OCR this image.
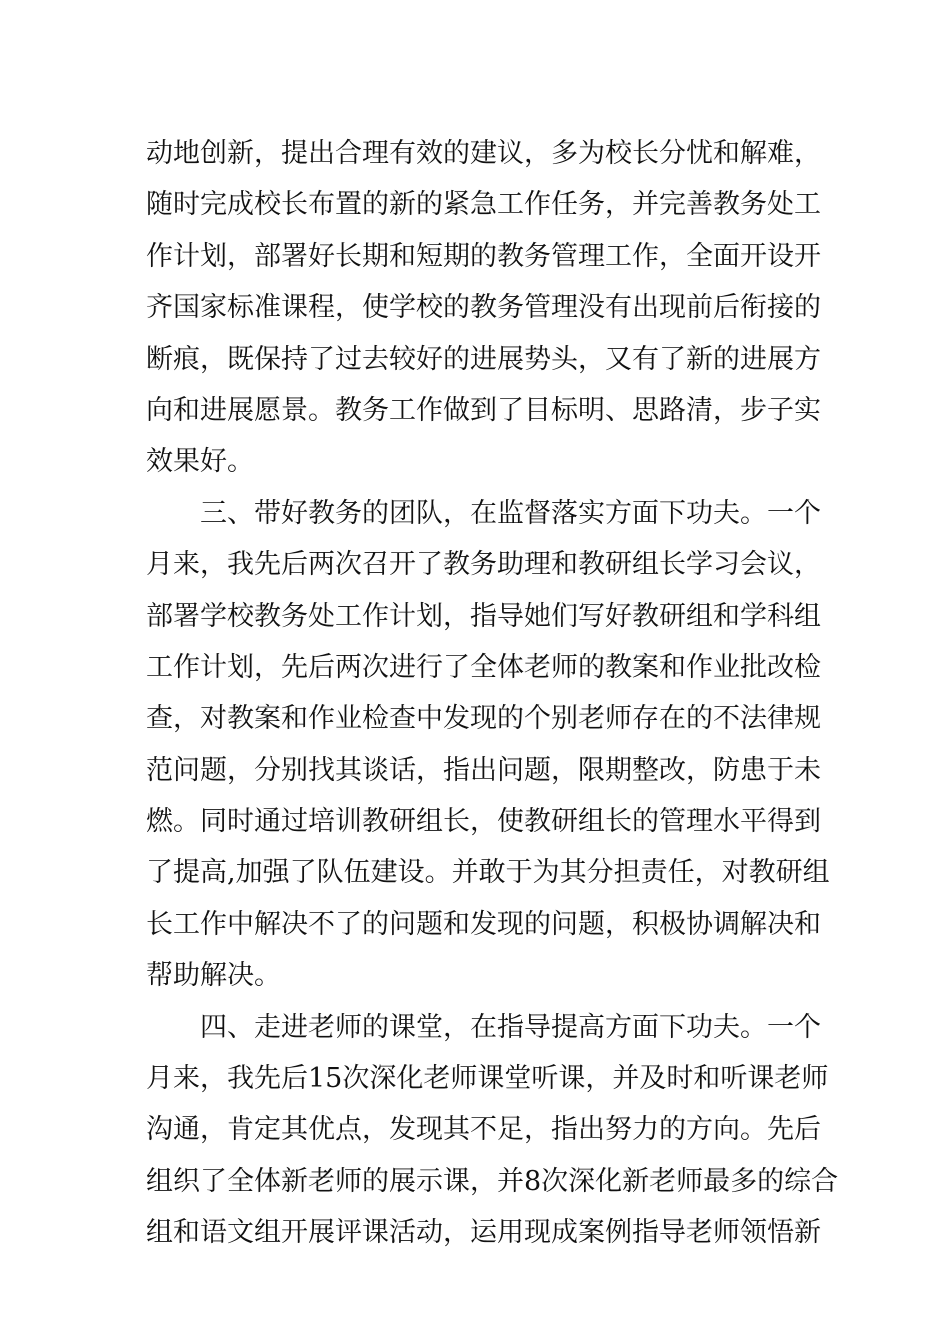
动地创新，提出合理有效的建议，多为校长分忧和解难，
随时完成校长布置的新的紧急工作任务，并完善教务处工
作计划，部署好长期和短期的教务管理工作，全面开设开
齐国家标准课程，使学校的教务管理没有出现前后衔接的
断痕，既保持了过去较好的进展势头，又有了新的进展方
向和进展愿景。教务工作做到了目标明、思路清，步子实
效果好。
三、带好教务的团队，在监督落实方面下功夫。一个
月来，我先后两次召开了教务助理和教研组长学习会议，
部署学校教务处工作计划，指导她们写好教研组和学科组
工作计划，先后两次进行了全体老师的教案和作业批改检
查，对教案和作业检查中发现的个别老师存在的不法律规
范问题，分别找其谈话，指出问题，限期整改，防患于未
燃。同时通过培训教研组长，使教研组长的管理水平得到
了提高,加强了队伍建设。并敢于为其分担责任，对教研组
长工作中解决不了的问题和发现的问题，积极协调解决和
帮助解决。
四、走进老师的课堂，在指导提高方面下功夫。一个
月来，我先后15次深化老师课堂听课，并及时和听课老师
沟通，肯定其优点，发现其不足，指出努力的方向。先后
组织了全体新老师的展示课，并8次深化新老师最多的综合
组和语文组开展评课活动，运用现成案例指导老师领悟新
